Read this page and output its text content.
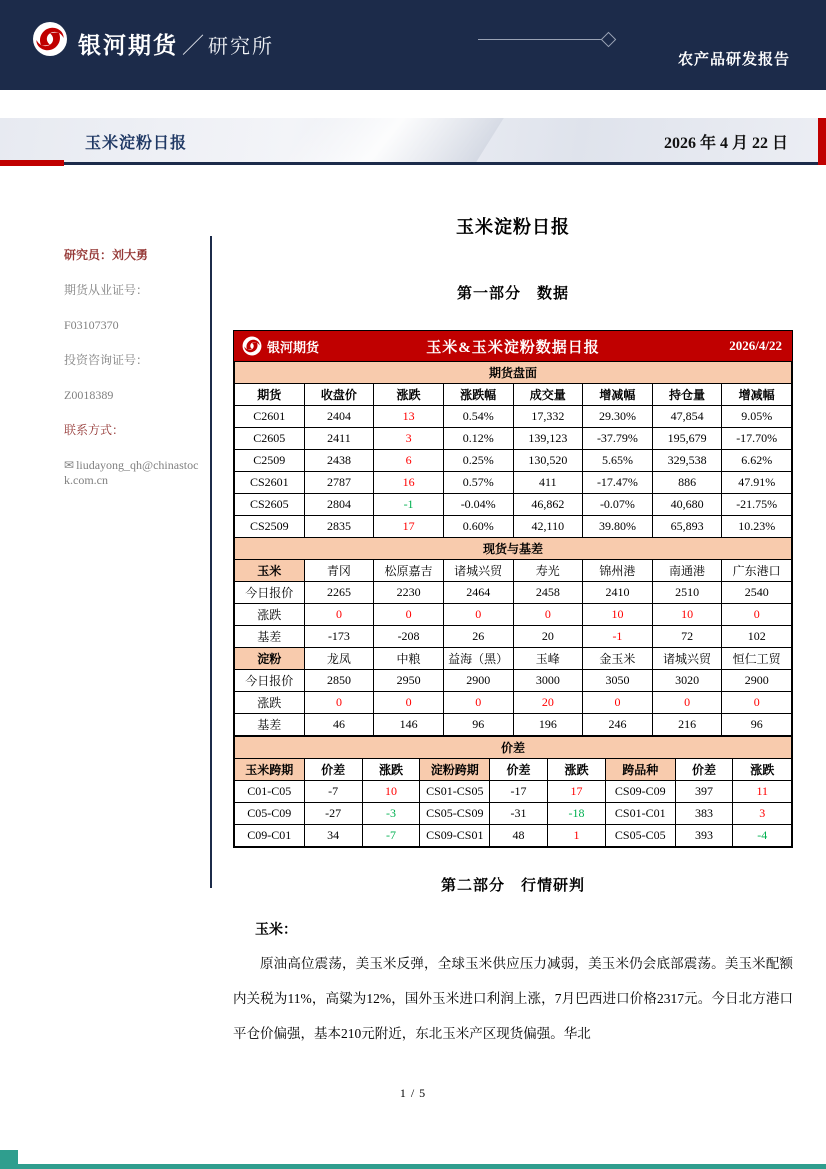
银河期货 ／ 研究所
农产品研发报告
玉米淀粉日报	2026 年 4 月 22 日

研究员：刘大勇

期货从业证号：

F03107370

投资咨询证号：

Z0018389

联系方式：

✉ liudayong_qh@chinastock.com.cn

玉米淀粉日报
第一部分　数据
银河期货	玉米&玉米淀粉数据日报	2026/4/22
期货盘面							
期货	收盘价	涨跌	涨跌幅	成交量	增减幅	持仓量	增减幅
C2601	2404	13	0.54%	17,332	29.30%	47,854	9.05%
C2605	2411	3	0.12%	139,123	-37.79%	195,679	-17.70%
C2509	2438	6	0.25%	130,520	5.65%	329,538	6.62%
CS2601	2787	16	0.57%	411	-17.47%	886	47.91%
CS2605	2804	-1	-0.04%	46,862	-0.07%	40,680	-21.75%
CS2509	2835	17	0.60%	42,110	39.80%	65,893	10.23%
现货与基差							
玉米	青冈	松原嘉吉	诸城兴贸	寿光	锦州港	南通港	广东港口
今日报价	2265	2230	2464	2458	2410	2510	2540
涨跌	0	0	0	0	10	10	0
基差	-173	-208	26	20	-1	72	102
淀粉	龙凤	中粮	益海（黑）	玉峰	金玉米	诸城兴贸	恒仁工贸
今日报价	2850	2950	2900	3000	3050	3020	2900
涨跌	0	0	0	20	0	0	0
基差	46	146	96	196	246	216	96
价差								
玉米跨期	价差	涨跌	淀粉跨期	价差	涨跌	跨品种	价差	涨跌
C01-C05	-7	10	CS01-CS05	-17	17	CS09-C09	397	11
C05-C09	-27	-3	CS05-CS09	-31	-18	CS01-C01	383	3
C09-C01	34	-7	CS09-CS01	48	1	CS05-C05	393	-4
第二部分　行情研判

玉米：

原油高位震荡，美玉米反弹，全球玉米供应压力减弱，美玉米仍会底部震荡。美玉米配额内关税为11%，高粱为12%，国外玉米进口利润上涨，7月巴西进口价格2317元。今日北方港口平仓价偏强，基本210元附近，东北玉米产区现货偏强。华北

1 / 5
